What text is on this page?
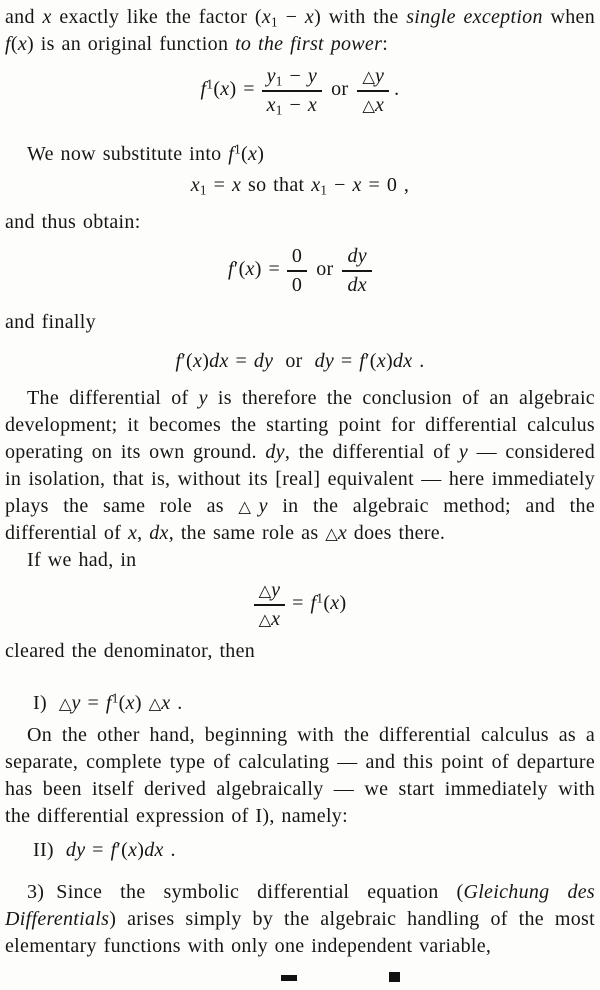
and x exactly like the factor $(x_1 - x)$ with the single exception when f(x) is an original function to the first power:

$f^1(x) = \frac{y_1 - y}{x_1 - x}$ or $\frac{\triangle y}{\triangle x}$ .

We now substitute into $f^1(x)$

$x_1 = x$ so that $x_1 - x = 0$ ,

and thus obtain:

$f'(x) = \frac{0}{0}$ or $\frac{dy}{dx}$

and finally

f′(x)dx = dy or dy = f′(x)dx .

The differential of y is therefore the conclusion of an algebraic development; it becomes the starting point for differential calculus operating on its own ground. dy, the differential of y — considered in isolation, that is, without its [real] equivalent — here immediately plays the same role as △y in the algebraic method; and the differential of x, dx, the same role as △x does there.

If we had, in

$\frac{\triangle y}{\triangle x} = f^1(x)$

cleared the denominator, then

I) △y = $f^1(x)$ △x .

On the other hand, beginning with the differential calculus as a separate, complete type of calculating — and this point of departure has been itself derived algebraically — we start immediately with the differential expression of I), namely:

II) dy = f′(x)dx .

3) Since the symbolic differential equation (Gleichung des Differentials) arises simply by the algebraic handling of the most elementary functions with only one independent variable,
